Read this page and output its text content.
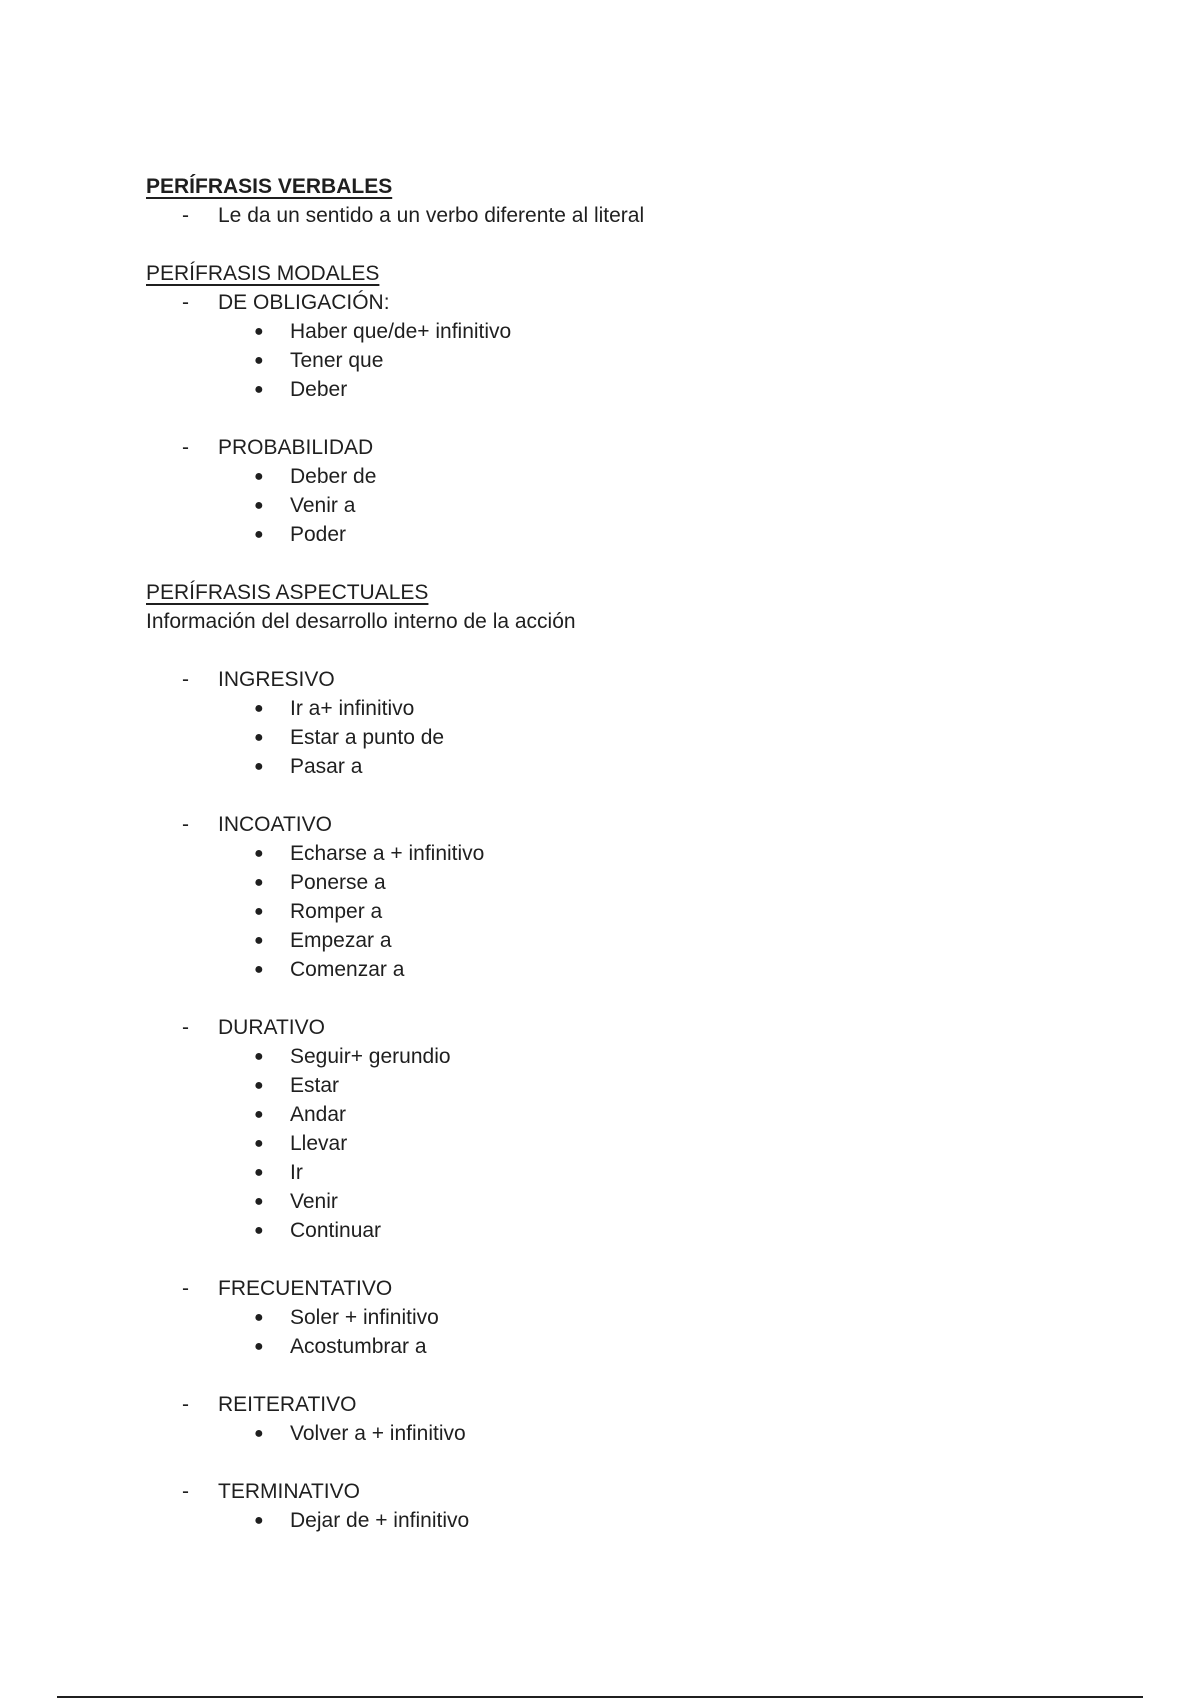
PERÍFRASIS VERBALES
- Le da un sentido a un verbo diferente al literal
PERÍFRASIS MODALES
- DE OBLIGACIÓN:
● Haber que/de+ infinitivo
● Tener que
● Deber
- PROBABILIDAD
● Deber de
● Venir a
● Poder
PERÍFRASIS ASPECTUALES
Información del desarrollo interno de la acción
- INGRESIVO
● Ir a+ infinitivo
● Estar a punto de
● Pasar a
- INCOATIVO
● Echarse a + infinitivo
● Ponerse a
● Romper a
● Empezar a
● Comenzar a
- DURATIVO
● Seguir+ gerundio
● Estar
● Andar
● Llevar
● Ir
● Venir
● Continuar
- FRECUENTATIVO
● Soler + infinitivo
● Acostumbrar a
- REITERATIVO
● Volver a + infinitivo
- TERMINATIVO
● Dejar de + infinitivo
